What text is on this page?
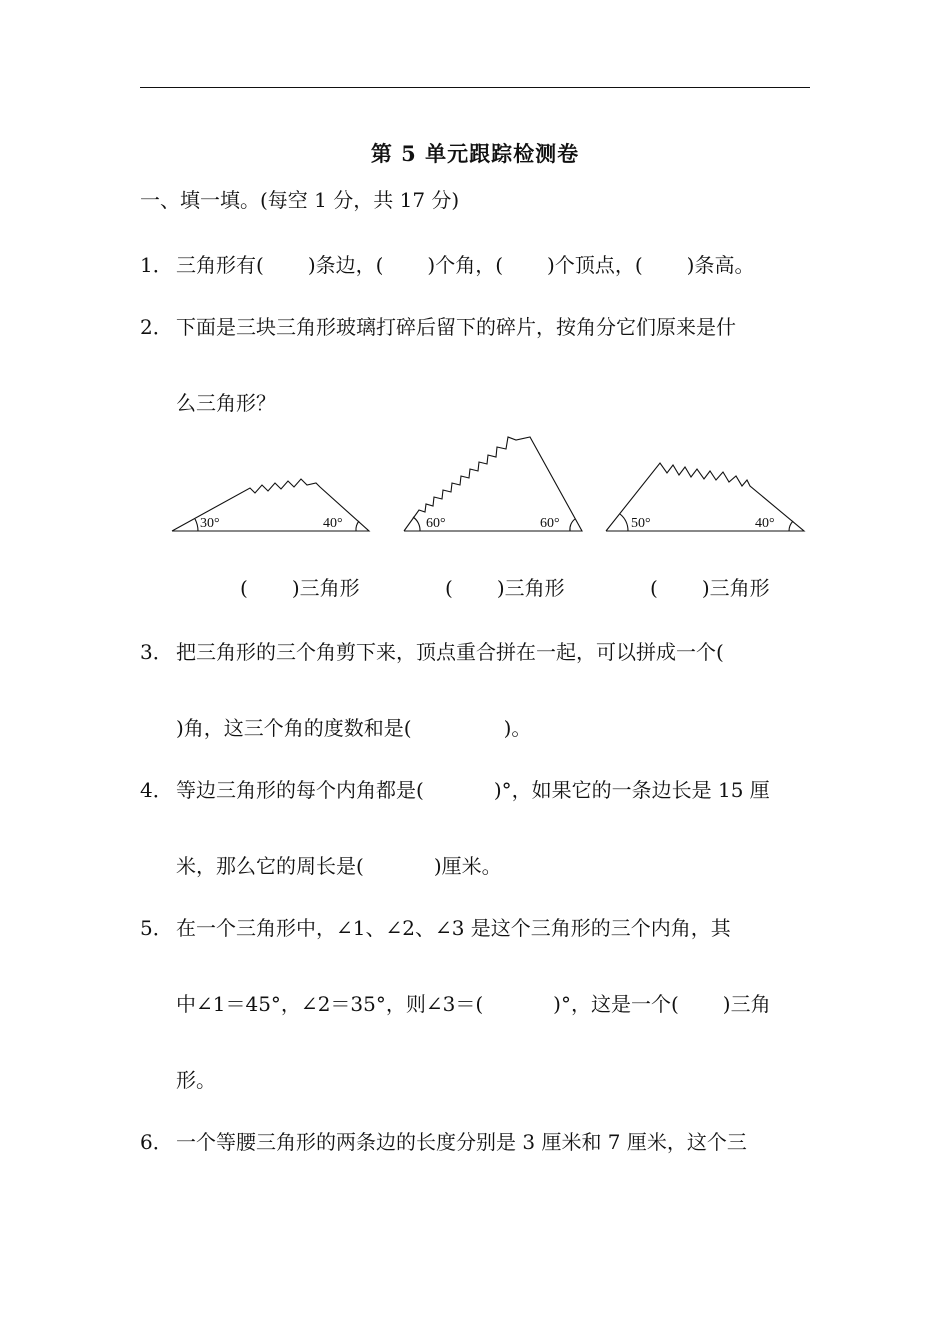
第 5 单元跟踪检测卷
一、填一填。(每空 1 分，共 17 分)
1． 三角形有( )条边，( )个角，( )个顶点，( )条高。
2． 下面是三块三角形玻璃打碎后留下的碎片，按角分它们原来是什
么三角形？
30°	40°	60°	60°	50°	40°
( )三角形	( )三角形	( )三角形
3． 把三角形的三个角剪下来，顶点重合拼在一起，可以拼成一个(
)角，这三个角的度数和是(	)。
4． 等边三角形的每个内角都是(	)°，如果它的一条边长是 15 厘
米，那么它的周长是(	)厘米。
5． 在一个三角形中，∠1、∠2、∠3 是这个三角形的三个内角，其
中∠1＝45°，∠2＝35°，则∠3＝(	)°，这是一个( )三角
形。
6． 一个等腰三角形的两条边的长度分别是 3 厘米和 7 厘米，这个三
